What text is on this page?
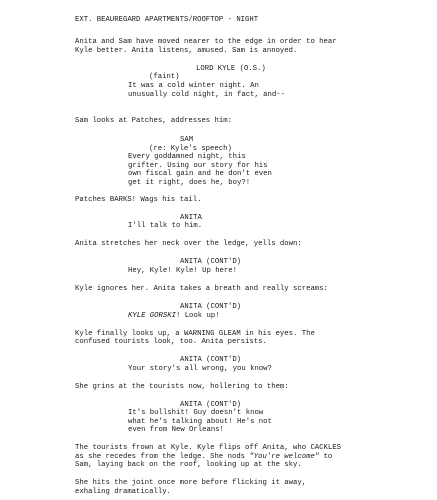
EXT. BEAUREGARD APARTMENTS/ROOFTOP - NIGHT
Anita and Sam have moved nearer to the edge in order to hear
Kyle better. Anita listens, amused. Sam is annoyed.
LORD KYLE (O.S.)
(faint)
It was a cold winter night. An
unusually cold night, in fact, and--
Sam looks at Patches, addresses him:
SAM
(re: Kyle's speech)
Every goddamned night, this
grifter. Using our story for his
own fiscal gain and he don't even
get it right, does he, boy?!
Patches BARKS! Wags his tail.
ANITA
I'll talk to him.
Anita stretches her neck over the ledge, yells down:
ANITA (CONT'D)
Hey, Kyle! Kyle! Up here!
Kyle ignores her. Anita takes a breath and really screams:
ANITA (CONT'D)
KYLE GORSKI! Look up!
Kyle finally looks up, a WARNING GLEAM in his eyes. The
confused tourists look, too. Anita persists.
ANITA (CONT'D)
Your story's all wrong, you know?
She grins at the tourists now, hollering to them:
ANITA (CONT'D)
It's bullshit! Guy doesn't know
what he's talking about! He's not
even from New Orleans!
The tourists frown at Kyle. Kyle flips off Anita, who CACKLES
as she recedes from the ledge. She nods "You're welcome" to
Sam, laying back on the roof, looking up at the sky.
She hits the joint once more before flicking it away,
exhaling dramatically.
